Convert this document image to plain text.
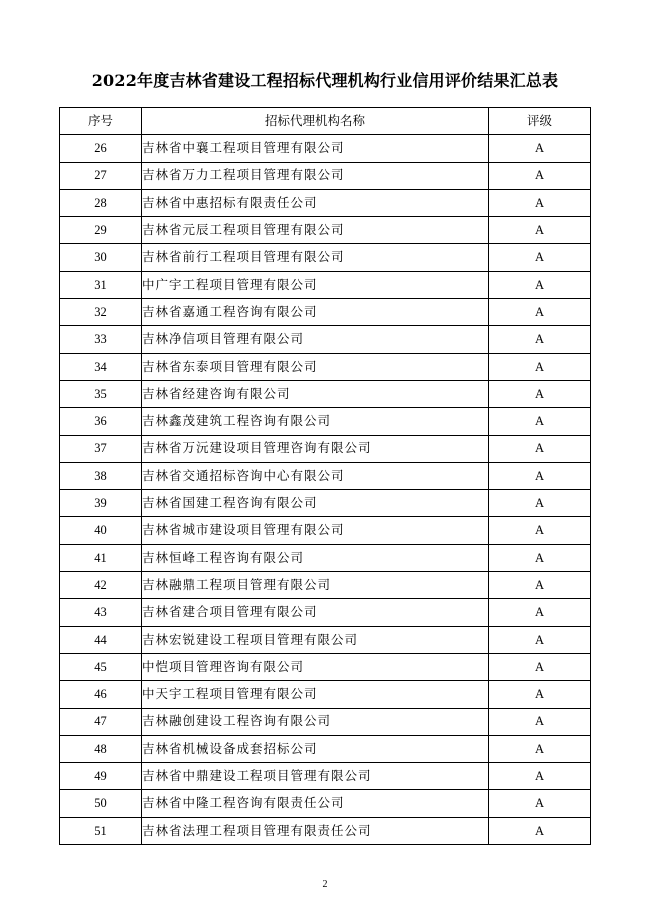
2022年度吉林省建设工程招标代理机构行业信用评价结果汇总表
序号	招标代理机构名称	评级
26	吉林省中襄工程项目管理有限公司	A
27	吉林省万力工程项目管理有限公司	A
28	吉林省中惠招标有限责任公司	A
29	吉林省元辰工程项目管理有限公司	A
30	吉林省前行工程项目管理有限公司	A
31	中广宇工程项目管理有限公司	A
32	吉林省嘉通工程咨询有限公司	A
33	吉林净信项目管理有限公司	A
34	吉林省东泰项目管理有限公司	A
35	吉林省经建咨询有限公司	A
36	吉林鑫茂建筑工程咨询有限公司	A
37	吉林省万沅建设项目管理咨询有限公司	A
38	吉林省交通招标咨询中心有限公司	A
39	吉林省国建工程咨询有限公司	A
40	吉林省城市建设项目管理有限公司	A
41	吉林恒峰工程咨询有限公司	A
42	吉林融鼎工程项目管理有限公司	A
43	吉林省建合项目管理有限公司	A
44	吉林宏锐建设工程项目管理有限公司	A
45	中恺项目管理咨询有限公司	A
46	中天宇工程项目管理有限公司	A
47	吉林融创建设工程咨询有限公司	A
48	吉林省机械设备成套招标公司	A
49	吉林省中鼎建设工程项目管理有限公司	A
50	吉林省中隆工程咨询有限责任公司	A
51	吉林省法理工程项目管理有限责任公司	A
2
